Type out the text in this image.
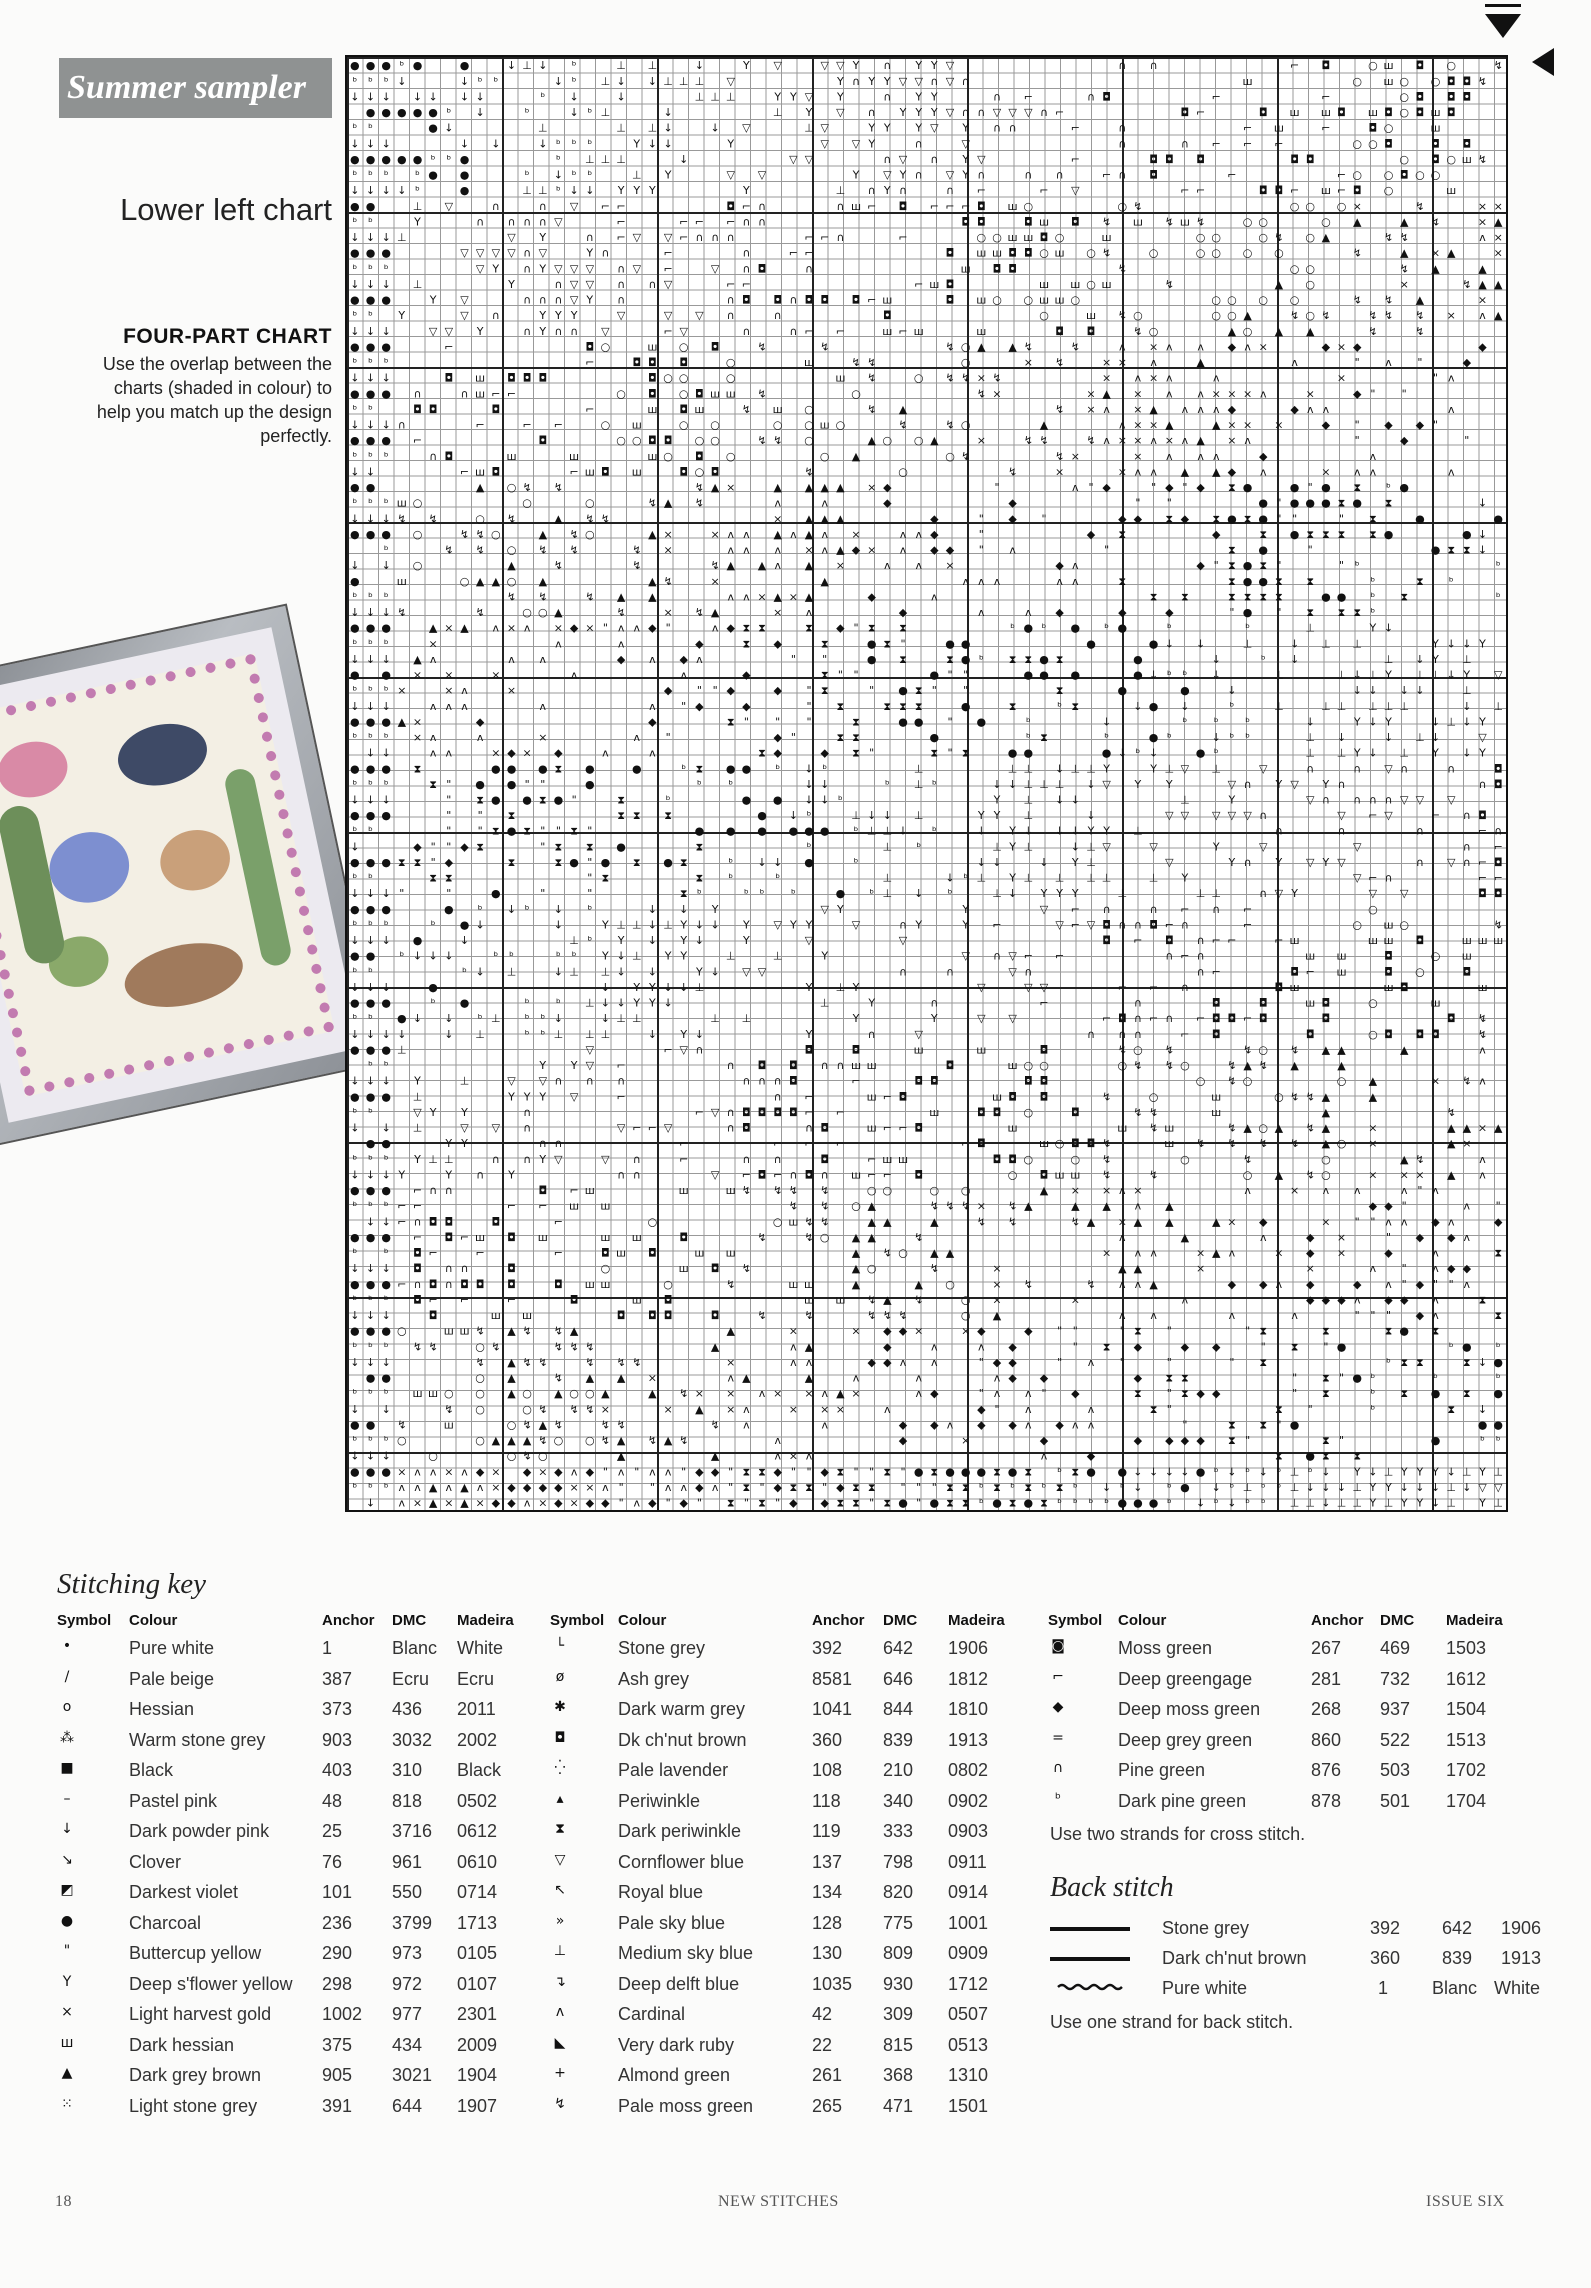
Summer sampler
Lower left chart
FOUR-PART CHART
Use the overlap between the
charts (shaded in colour) to
help you match up the design
perfectly.
● ● ● ᵇ ●	●	↓ ⊥ ↓ ᵇ	⊥ ⊥	↓	Y ▽	▽ ▽ Y ∩ Y Y ▽	∩ ∩	⌐ ◘	○ ш ◘ ○	↯
ᵇ ᵇ ᵇ ↓	↓ ᵇ ᵇ	↓ ᵇ ⊥ ↓ ↓ ⊥ ⊥ ⊥ ▽	Y ∩ Y Y ▽ ▽ ∩ ▽ ∩	ш	○ ш ○ ○ ◘ ◘ ↯
↓ ↓ ↓ ↓ ↓ ↓ ↓	ᵇ ↓	↓	⊥ ⊥ ⊥	Y Y ▽ Y	∩ Y Y	∩ ⌐	∩ ◘	⌐	⌐	○ ◘ ◘ ◘
● ● ● ● ● ᵇ ↓	ᵇ	↓ ᵇ ⊥	↓	⊥ Y ▽ ∩ Y Y Y ▽ ∩ ∩ ▽ ▽ ▽ ∩ ⌐	◘ ⌐	◘ ш ш ◘ ш ◘ ○ ◘ ш ◘
ᵇ ᵇ	● ↓	⊥	⊥ ⊥ ↓	↓ ▽	⊥ ▽	Y Y Y ▽ Y ∩ ∩	⌐	∩	⌐ ш	⌐	◘ ○	ш
↓ ↓ ↓	↓ ↓	↓ ᵇ ᵇ ᵇ	Y ↓ ↓	Y	▽ ▽ Y	∩	▽	∩	∩ ⌐ ⌐ ⌐	○ ○ ◘	◘ ◘
● ● ● ● ● ᵇ ᵇ ●	ᵇ ⊥ ⊥ ⊥	↓	▽ ▽	∩ ▽ ∩ Y ▽	⌐	◘ ◘ ◘	◘ ◘	○ ◘ ○ ш ↯
ᵇ ᵇ ᵇ ᵇ ● ●	ᵇ ↓ ᵇ ᵇ	⊥ Y	▽ ▽	Y ▽ Y ∩ ▽ Y ∩	∩ ∩	⌐ ∩ ◘	⌐	⌐ ○ ○ ◘ ○ ○
↓ ↓ ↓ ↓ ᵇ	●	⊥ ⊥ ᵇ ↓ ↓ Y Y Y	Y	⊥ ∩ Y ∩	∩ ⌐	⌐ ▽	⌐ ⌐	◘ ◘ ⌐ ш ⌐ ◘ ○	ш
● ●	⊥ ▽	∩	∩ ▽ ⌐ ⌐	◘ ⌐ ∩	∩ ш ⌐ ◘ ⌐ ⌐ ⌐ ◘ ш ○	○ ↯	○ ○ ○ ×	↯	× ×
ᵇ ᵇ	Y	∩ ∩ ∩ ∩ ▽	⌐	⌐ ⌐ ⌐ ∩ ∩	◘ ◘	◘ ш ◘ ↯ ш ↯ ш ↯	○ ○	○ ▲	▲ ↯	× ▲
↓ ↓ ↓ ⊥	▽ Y	∩ ⌐ ▽ ▽ ⌐ ∩ ∩ ∩	⌐ ⌐ ∩	⌐	○ ○ ш ш ◘ ○	ш	○ ○	○ ↯ ○ ▲	↯ ↯	ʌ ×
● ● ●	▽ ▽ ▽ ▽ ∩ ▽	Y ∩	⌐	∩	⌐ ⌐	◘ ш ш ◘ ◘ ○ ш ○ ↯	○	○ ○ ○ ○	↯	▲ × ▲	×
ᵇ ᵇ ᵇ	▽ Y ∩ Y ▽ ▽ ▽ ∩ ▽ ⌐	▽ ∩ ◘	∩	ш ◘ ◘	↯	○ ○	↯ ▲	▲
↓ ↓ ↓ ⊥	Y	∩ ▽ ▽ ∩ ∩ ▽	⌐ ⌐	⌐ ш ◘	ш ш ○ ш	↯	▲ ○	×	↯ ▲ ▲
● ● ●	Y ▽	∩ ∩ ∩ ▽ Y ∩	∩ ◘ ◘ ∩ ◘ ◘ ◘ ⌐ ш	◘ ш ○ ○ ш ш ○	○ ○ ○ ○	↯ ↯ ▲	×
ᵇ ᵇ Y	▽ ∩	Y Y Y	▽	▽ ▽ ∩	∩	◘	○	ш ↯ ○	○ ○ ▲	↯ ○ ↯	↯ ↯ ↯ × ʌ ▲
↓ ↓ ↓	▽ ▽ Y	∩ Y ∩ ∩ ▽	⌐ ▽	∩	∩ ⌐ ⌐	ш ⌐ ш	ш	◘ ◘	↯ ○	▲ ○ ▲ ▲	↯	↯
● ● ●	⌐	◘ ○	ш ○ ◘	↯	↯	↯ ○ ▲ ▲ ↯	↯	ʌ × ʌ ʌ ◆ ʌ ×	◆ × ◆	◆
ᵇ ᵇ ᵇ	⌐	◘ ◘ ◘	○	ш	↯ ↯	○	× ↯	× × ʌ	▲	ʌ	" ʌ "	◆
↓ ↓ ↓	◘ ш ◘ ◘ ◘	◘ ○ ○	○	ш ↯	○ ↯ ↯ × ↯	× ʌ × ʌ	ʌ	×	" ʌ
● ● ● ∩	∩ ш ⌐ ⌐	○ ◘ ○ ◘ ш ш ↯	○	↯ ×	× ▲ × ʌ ʌ × × × ʌ	×	◆ " "
ᵇ ᵇ	◘ ◘	◘	⌐	ш ◘ ш	↯ ш ○	↯ ▲	↯ × ʌ × ▲ ʌ ʌ ʌ ◆	◆ ʌ ʌ	ʌ
↓ ↓ ↓ ∩	⌐	⌐ ⌐	○ ш	○ ○	○ ○ ш ○	↯	↯ ○	▲	ʌ × × ▲	▲ × × ×	◆ " ◆ ◆ "
● ● ● ⌐	◘	○ ○ ◘ ◘ ○ ○	↯ ↯ ○	▲ ○ ○ ▲	×	↯ ↯	↯ ʌ × × ʌ × ʌ ▲ × ʌ	"	◆	"
ᵇ ᵇ ᵇ	∩ ◘	ш	ш	ш ○ ◘ ○	○ ▲	○ ↯	↯ ×	× ʌ ʌ ʌ	◆	ʌ
↓ ↓	⌐ ш ◘	⌐ ш ◘ ш	◘ ○ ◘	↯	○	↯	×	× ʌ ʌ ▲ ▲ ◆ ʌ	× ʌ ʌ	ʌ
● ●	▲ ○ ↯ ↯	↯ ▲ ×	▲ ▲ ▲ ▲ × ◆	"	ʌ " ◆	" ◆ " ◆ ⧗ ●	● " ● ⧗ ᵇ ●
ᵇ ᵇ ᵇ ш ○	○	○	↯ ▲ ↯	ʌ	ʌ	◆	◆	" "	● " ● ● ● ⧗ ● ⧗	↓
↓ ↓ ↓ ↯ ↯	○ ↯	▲ ↯ ↯	× ▲ ▲ ▲	◆	" ◆ "	◆ ◆ ⧗ ◆ ⧗ ● ⧗ ● " "	" ⧗	●	●
● ● ● ○	↯ ↯ ○	▲ ↯ ○	▲ ×	× ʌ ʌ ▲ ʌ ▲ ʌ ×	ʌ ʌ ◆	"	◆ ⧗	◆	⧗ ● ⧗ ⧗ ⧗ ⧗ ●	● ↓
ᵇ	↯ ↯ ○ ↯ ↯	↯ ×	ʌ ʌ ʌ × ʌ ▲ ◆ × ʌ ◆ ◆ " ʌ	"	⧗ ●	"	● ⧗ ⧗ ↓
↓ ↓ ○	▲	↯	↯	↯ ▲ ▲ ʌ ▲ ×	ʌ ʌ ×	◆ ʌ	◆ " ⧗ ● ⧗ "	" ᵇ	ᵇ
●	ш	○ ▲ ▲ ○ ▲	▲ ↯	×	▲	ʌ ʌ ʌ	ʌ ʌ	⧗	⧗ ● ● ⧗ ⧗	ᵇ	⧗ ᵇ
ᵇ ᵇ ᵇ	↯ ↯	↯ ▲ ▲	ʌ ʌ × ▲ × ▲	◆	ʌ	⧗ ⧗	⧗ ⧗ ⧗ ⧗	● ● ᵇ ⧗	ᵇ
↓ ↓ ↓ ↯	↯	○ ○ ▲	↯	× ↯ ▲	× ʌ	◆	ʌ	ʌ ◆	◆	◆	" ● " ⧗ ⧗ ⧗ ᵇ
● ● ●	▲ × ▲ ʌ × ʌ × ◆ × " ʌ ʌ ◆ "	ʌ ◆ ⧗ ⧗	⧗ ◆ " ⧗ ⧗	ᵇ ● ᵇ ● ᵇ ●	ᵇ	ᵇ	⊥	Y ↓
ᵇ ᵇ ᵇ	×	ʌ	ʌ	◆	⧗ ◆	⧗	● ⧗ "	● ●	●	● ↓ ↓	⊥	↓ ⊥ ⊥	Y ↓ ↓ Y
↓ ↓ ↓ ▲ ʌ	ʌ ʌ	◆ ʌ ◆ ʌ	" "	● ⧗	⧗ ● ᵇ ⧗ ⧗ ● ⧗	●	↓	ᵇ ↓	⊥ ↓ Y ⊥
● ● × ×	×	ʌ	ʌ	◆	⧗ " "	● " "	● ● ●	● ↓ ᵇ ᵇ ↓	⊥	⊥ ↓ ⊥ Y ⊥ ⊥ ↓ Y ▽
ᵇ ᵇ ᵇ ×	× ʌ	×	◆ " " ◆	◆ " ⧗	" ● ⧗ " "	⧗	●	●	↓	↓ ↓ ↓ ↓	⊥
↓ ↓ ↓	ʌ ʌ ʌ	ʌ	ʌ " ◆	◆	" ⧗	⧗ ⧗ ⧗	●	⧗	ᵇ ⧗	↓ ● ↓	ᵇ	⊥	⊥ ⊥ ⊥ ⊥ ⊥	↓ ⊥
● ● ● ▲ ×	◆	◆	⧗ " " "	⧗	● ● " ●	ᵇ	↓	ᵇ ᵇ ᵇ	↓	Y ↓ Y	↓ ⊥ ↓ Y
ᵇ ᵇ ᵇ × ʌ	ʌ	×	ʌ "	◆ "	⧗ ⧗	●	ᵇ ⧗	ᵇ	● ᵇ	↓ ᵇ ᵇ	⊥ ↓	↓ ⊥ ↓	▽
↓ ↓	ʌ ʌ	× ◆ × ◆	ʌ	ʌ	⧗ ◆	◆ ⧗ "	⧗ " ⧗	● ●	● ↓ ᵇ ↓	● ᵇ	⊥ ⊥ Y ↓ ⊥ Y ↓ Y
● ● ● ⧗	● ● ● ⧗ ●	●	ᵇ ⧗ ● ● ᵇ ↓ ᵇ	⊥	⊥ ⊥ ↓ ⊥ ⊥ Y	Y ⊥ ▽ ⊥	▽	∩	∩ ▽ ∩	∩	◘
ᵇ ᵇ ᵇ	⧗ " ● ● " "	●	ᵇ ᵇ	↓ ↓	ᵇ ⊥ ᵇ	↓ ↓ ⊥ ⊥ ⊥ ↓ ▽ Y Y	▽ ∩ Y ▽ Y ∩	∩ ◘
↓ ↓ ↓	" ⧗ ● ● ⧗ ● "	⧗	ᵇ	● ● ↓ ↓ ᵇ	Y ⊥ ↓ ↓	⊥	Y	▽ ∩ ∩ ∩ ∩ ▽ ▽ ▽
● ● ●	" " ⧗	⧗ ⧗ ⧗	● ↓ ᵇ	⊥ ↓ ↓ ⊥	Y Y ⊥	↓	▽ ▽ ▽ ▽ ▽ ∩	▽ ⌐ ▽	⌐ ∩ ◘
ᵇ ᵇ	" " ⧗ ● ⧗ " " ⧗ "	● ● ● ● ● ● ᵇ ⊥ ⊥ ↓ ᵇ	↓ Y ↓ ↓ ↓ Y Y ⊥	∩	∩	∩	⌐ ∩
↓	◆ " " ◆ ⧗	" ⧗ ⧗ ●	⧗	ᵇ	⊥ ᵇ	⊥ Y ⊥	↓ ⊥ ▽	▽	Y	▽	▽	∩ ⌐
● ● ● ⧗ ⧗ " ◆	⧗	⧗ ● " ● ⧗ ● ⧗	ᵇ ↓ ↓ ●	ᵇ	↓ ↓	↓ Y ⊥	▽	Y ∩ Y ▽ Y ▽	∩ ▽ ∩ ⌐ ◘
ᵇ ᵇ	⧗ ⧗	" ⧗	⧗ ᵇ	ᵇ	⊥	↓ ᵇ ⊥ Y ⊥ ⊥ ⊥ ⊥	⊥ Y	▽ ⌐ ∩	⌐ ⌐
↓ ↓ ↓ "	"	●	"	"	⧗ ᵇ	ᵇ ᵇ ᵇ	● ᵇ ⊥ ↓ ᵇ	⊥ ↓ Y Y Y	⊥	⊥ ⊥	∩ ▽ Y	▽ ▽	◘ ◘
● ● ●	● ᵇ ↓ ᵇ ↓ ᵇ	↓ ↓ Y	▽ Y	Y	▽ ⌐ ∩	∩ ⌐ ∩ ⌐	○
ᵇ ᵇ ᵇ	ᵇ ● ↓	↓	Y ⊥ ⊥ ↓ ⊥ Y ↓ ↓ Y ▽ Y Y	▽	∩ Y	Y ⌐	▽ ⌐ ▽ ◘ ∩ ∩ ◘ ⌐ ∩	⌐	○ ш ○	↯
↓ ↓ ↓ ●	↓	⊥ ᵇ Y ↓ Y ↓	Y	▽	▽	◘ ⌐ ◘ ∩ ⌐ ⌐	⌐ ш	ш ш ◘	ш ш ш
● ● ᵇ ↓ ↓ ↓	ᵇ ᵇ	ᵇ ᵇ Y ↓ ⊥ Y Y	⊥	⊥	Y	▽ ∩ ▽ ⌐ ⌐	∩ ⌐ ∩	ш ш	◘	○ ш
ᵇ ᵇ	ᵇ ↓ ⊥	↓ ⊥ ⊥ ↓ ↓	Y ↓ ▽ ▽	∩	∩	▽ ∩	∩ ⌐	◘ ⌐ ш	◘ ○	◘
↓ ↓ ↓	●	↓ Y Y ↓ ↓ ⊥	Y ⊥ Y	▽	▽ ▽	⌐ ⌐ ∩	◘ ш	ш ◘	ш
● ● ●	ᵇ ●	ᵇ ᵇ ⊥ ↓ ↓ Y Y ↓	⊥	Y	∩	⌐	∩	◘	◘	ш ◘	○	ш
ᵇ ᵇ ● ↓ ↓ ᵇ ⊥ ᵇ ᵇ ↓	↓ ⊥ ⊥	⊥ ⊥	Y	Y	▽ ▽	⌐ ◘ ∩ ⌐ ∩ ⌐ ◘ ◘ ⌐ ◘	◘	◘ ↯
↓ ↓ ↓ ↓	↓ ⊥	ᵇ ᵇ ⊥ ⊥ ⊥	↓ Y ↓	Y	∩	▽	∩ ∩ ∩	⌐ ◘	◘	○ ◘ ◘ ◘	↯
● ● ● ⊥	▽	⌐ ▽ ∩	◘	◘	ш	ш	◘	↯ ○ ↯	↯ ○ ↯ ▲ ▲	▲	ʌ
ᵇ ᵇ	Y Y ▽ ⌐	∩ ◘ ◘ ∩ ∩ ш ш	◘	ш ○ ○	○ ↯ ↯ ○	↯ ▲ ↯ ▲	▲
↓ ↓ ↓ Y	⊥	▽ ▽ ∩ ∩ ∩	∩ ∩ ∩ ◘	⌐	◘ ◘	◘ ◘	○ ↯ ○	○ ▲	× ↯ ʌ
● ● ● ⊥	Y Y Y ▽	⌐	∩ ⌐	ш ⌐ ◘	ш ◘ ◘	↯	○	ш	○ ↯ ↯ ▲	▲
ᵇ ᵇ	▽ Y Y	∩	⌐ ▽ ∩ ◘ ◘ ◘ ◘ ⌐ ⌐	ш	◘ ◘ ○	◘	↯ ↯	ш	▲	↯
↓ ↓ ⊥	▽ ▽ ∩	▽ ⌐ ⌐ ▽	∩ ◘	∩ ◘	ш ⌐ ⌐ ◘	ш	ш ↯ ш	↯ ▲ ○ ▲ ↯ ▲	×	▲ ▲ × ▲
● ●	Y Y	∩ ∩	⌐	⌐ ⌐ ⌐	⌐ ◘	ш ○ ◘ ◘ ↯	ш ↯ ↯ ↯ ↯ ▲ ○ ×	▲ ×
ᵇ ᵇ ᵇ Y ⊥ ⊥	∩ ∩ Y ▽	▽ ∩	⌐	∩ ∩	◘	⌐ ш ш	◘ ◘ ○	○ ↯	○	↯	○	▲ ↯	ʌ
↓ ↓ ↓ Y	Y ∩ Y	∩ ∩	▽ ⌐ ◘ ⌐ ∩ ◘ ∩ ш ⌐ ⌐ ◘	○ ◘ ш ш ↯	↯	○ ▲ ↯ ○	× × × ▲ ʌ
● ● ● ⌐ ∩ ∩	◘ ⌐ ш	ш	ш ↯ ↯ ↯ ↯	○ ○	○ ○	▲ × × ʌ ×	ʌ	× ʌ ʌ	ʌ " ʌ
ᵇ ᵇ ᵇ ⌐ ⌐	⌐ ⌐ ш ш	↯ ↯ ○ ▲	↯ ↯ ↯ × ↯ ▲	▲ ▲ ʌ ▲	◆ ◆ "	ʌ "
↓ ↓ ⌐ ∩ ◘ ◘	◘	⌐	○	○ ш ↯ ↯	▲ ▲	▲	↯ ↯	↯ ▲ × ▲ ▲	▲ × ◆	× " " ʌ ʌ ◆ ʌ	◆
● ● ● ⌐ ◘ ⌐ ш ◘ ш	ш ш	◘	↯	↯ ○ ▲ ▲	↯	ʌ	▲	ʌ	◆ ×	" ◆ ◆ ʌ
ᵇ ᵇ ◘ ⌐	⌐	⌐	◘ ш ◘	ш ш	▲ ↯ ○ ▲ ▲	× ʌ ʌ	× ▲ ʌ	× ◆ ×	◆	ʌ	⧗
↓ ↓ ↓ ◘ ∩ ∩	◘	○	ш ◘ ↯	▲ ○	↯	×	▲ ▲	×	×	ʌ " ʌ ◆ ◆
● ● ● ⌐ ∩ ◘ ∩ ◘ ◘ ◘	◘ ш ш	○	↯	ш ш	▲	▲ ○	× ↯	↯ ʌ ʌ ▲	◆ ◆ ʌ ◆	◆ ʌ " ◆ " " ʌ
ᵇ ᵇ ᵇ ◘ ⌐ ⌐	⌐	◘	ш ◘	ш ш ↯ ▲ ↯	○ ×	×	ʌ	◆ ◆ ◆ ʌ ◆ ◆ ʌ	⧗
↓ ↓ ↓	◘	ш ш	◘ ◘ ◘	◘	↯	↯	↯ ↯ ↯	○ ▲	ʌ ʌ	ʌ	ʌ	" " " ◆ ʌ	⧗
● ● ● ○	ш ш ↯ ▲ ↯ ↯ ▲	▲	×	× ◆ ◆ ×	× ◆	◆ " "	" ⧗ "	" ⧗	⧗	⧗ ● ⧗
ᵇ ᵇ ᵇ ↯ ↯	○ ↯	↯ ↯ ↯	▲	ʌ ▲	◆	ʌ	ʌ ◆	" ⧗ ◆	◆ ◆	" ⧗ " ●	ᵇ ● ᵇ
↓ ↓ ↓	↯ ▲ ↯ ↯	↯ ↯ ↯	×	ʌ ʌ	◆ ◆ ʌ ʌ	" ◆ ◆	" ʌ "	"	" ⧗	ᵇ ⧗ ⧗	⧗ ↓ ●
● ●	○ ▲	↯ ▲ ▲ ×	ʌ ▲	▲	ʌ	ʌ	ʌ ◆ ◆	◆ ⧗ ⧗	" ⧗ " ● ᵇ	ᵇ	ᵇ
ᵇ ᵇ ᵇ ш ш ○ ○ ▲ ○ ▲ ○ ○ ▲	▲ ↯ × × ʌ × × ʌ ▲ ×	ʌ ◆	" ʌ ʌ " ◆	⧗ " ⧗ ◆ ◆	" ⧗	ᵇ ⧗ ● ⧗ ●
↓ ↓	↯ ○	○ ↯ ↯ ↯ ×	× ▲ × ʌ	× × ×	ʌ	◆ " ʌ	ʌ	⧗ "	⧗ "	ᵇ	⧗ ↓
● ● ↯	ш	○ ↯ ▲ ↯	↯ ↯	↯ ʌ	ʌ	◆ ◆ ʌ ◆ ◆ ʌ ◆ ʌ ʌ	"	⧗ ⧗ " ●	● ●
ᵇ ᵇ ᵇ ○	○ ▲ ▲ ▲ ↯ ○ ○ ↯ ▲ ↯ ▲ ↯	ʌ	◆	×	◆	◆ ◆ ◆ ◆ ⧗ "	⧗ "	●	ᵇ ᵇ
↓ ↓ ↓	○	○ ↯ ○	▲	▲	ʌ × ʌ	ʌ	◆	⧗ ● ⧗ ⧗
● ● ● × ʌ ʌ × ʌ ◆ × ◆ × ◆ ʌ ◆ " ʌ " ʌ ʌ " ◆ ◆ " ⧗ ⧗ ◆ " " ◆ ⧗ " " ⧗ " ● ⧗ ● ● ● ⧗ ● ⧗ ᵇ ⧗ ● ● ↓ ↓ ↓ ↓ ● ᵇ ↓ ᵇ ↓ ᵇ ⊥ ᵇ ↓ Y ↓ ⊥ Y Y Y ↓ ⊥ Y ⊥
ᵇ ᵇ ᵇ ʌ ʌ ▲ ʌ ▲ ʌ × ◆ ◆ ◆ ◆ × × ʌ " " ʌ ʌ ◆ ʌ " ⧗ " ◆ ⧗ ⧗ " ◆ ⧗ ⧗ " " " ⧗ ⧗ ᵇ ⧗ ᵇ ⧗ ᵇ ⧗ ᵇ ↓ ᵇ ↓ ᵇ ● ↓ ᵇ ⊥ ᵇ ᵇ ⊥ ↓ ↓ ↓ ⊥ Y Y ↓ ↓ ↓ ⊥ ↓ ▽ ▽
↓ ʌ × ▲ × ▲ × ◆ ◆ ʌ × ◆ × ◆ ◆ " ʌ ◆ " ◆ " ⧗ " ⧗ " ◆ ◆ ⧗ ⧗ " ⧗ ● " ● ⧗ ⧗ ᵇ ● ⧗ ● ⧗ ᵇ ᵇ ᵇ ᵇ ● ● ● ᵇ ↓ ᵇ ↓ ᵇ ᵇ ⊥ ⊥ ↓ ⊥ ⊥ Y ⊥ Y Y ↓ ⊥ Y ⊥
Stitching key
Symbol Colour	Anchor DMC Madeira
•	Pure white	1	Blanc White
/	Pale beige	387 Ecru Ecru
o	Hessian	373 436 2011
⁂	Warm stone grey	903 3032 2002
■	Black	403 310 Black
–	Pastel pink	48	818 0502
↓	Dark powder pink	25	3716 0612
↘	Clover	76	961 0610
◩	Darkest violet	101 550 0714
●	Charcoal	236 3799 1713
"	Buttercup yellow	290 973 0105
Y	Deep s'flower yellow 298 972 0107
×	Light harvest gold	1002 977 2301
ш	Dark hessian	375 434 2009
▲	Dark grey brown	905 3021 1904
⁙	Light stone grey	391 644 1907
Symbol Colour	Anchor DMC Madeira
└	Stone grey	392 642 1906
ø	Ash grey	8581 646 1812
✱	Dark warm grey	1041 844 1810
◘	Dk ch'nut brown	360 839 1913
⁛	Pale lavender	108 210 0802
▴	Periwinkle	118 340 0902
⧗	Dark periwinkle	119 333 0903
▽	Cornflower blue	137 798 0911
↖	Royal blue	134 820 0914
»	Pale sky blue	128 775 1001
⊥	Medium sky blue	130 809 0909
↴	Deep delft blue	1035 930 1712
ʌ	Cardinal	42	309 0507
◣	Very dark ruby	22	815 0513
+	Almond green	261 368 1310
↯	Pale moss green	265 471 1501
Symbol Colour	Anchor DMC Madeira
◙	Moss green	267 469 1503
⌐	Deep greengage	281 732 1612
◆	Deep moss green	268 937 1504
=	Deep grey green	860 522 1513
∩	Pine green	876 503 1702
ᵇ	Dark pine green	878 501 1704
Use two strands for cross stitch.
Back stitch
Stone grey	392 642 1906
Dark ch'nut brown	360 839 1913
Pure white	1 Blanc White
Use one strand for back stitch.
18	NEW STITCHES	ISSUE SIX
